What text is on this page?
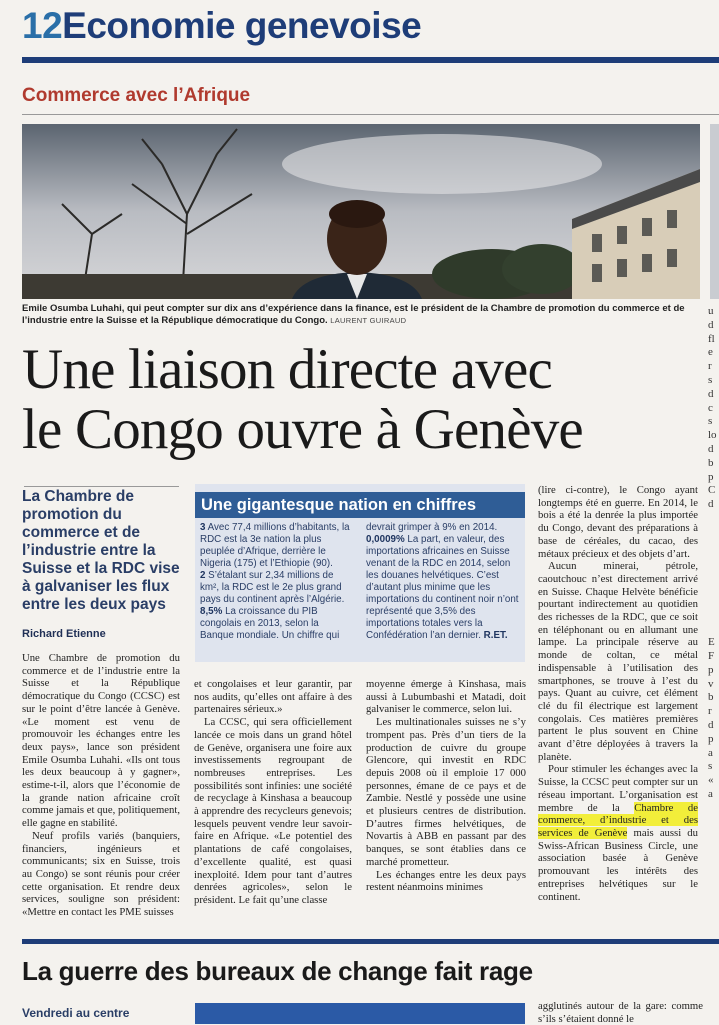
12Economie genevoise
Commerce avec l’Afrique
Emile Osumba Luhahi, qui peut compter sur dix ans d’expérience dans la finance, est le président de la Chambre de promotion du commerce et de l’industrie entre la Suisse et la République démocratique du Congo. LAURENT GUIRAUD
Une liaison directe avec
le Congo ouvre à Genève
La Chambre de promotion du commerce et de l’industrie entre la Suisse et la RDC vise à galvaniser les flux entre les deux pays
Richard Etienne

Une Chambre de promotion du commerce et de l’industrie entre la Suisse et la République démocratique du Congo (CCSC) est sur le point d’être lancée à Genève. «Le moment est venu de promouvoir les échanges entre les deux pays», lance son président Emile Osumba Luhahi. «Ils ont tous les deux beaucoup à y gagner», estime-t-il, alors que l’économie de la grande nation africaine croît comme jamais et que, politiquement, elle gagne en stabilité.

Neuf profils variés (banquiers, financiers, ingénieurs et communicants; six en Suisse, trois au Congo) se sont réunis pour créer cette organisation. Et rendre deux services, souligne son président: «Mettre en contact les PME suisses

Une gigantesque nation en chiffres
3 Avec 77,4 millions d’habitants, la RDC est la 3e nation la plus peuplée d’Afrique, derrière le Nigeria (175) et l’Ethiopie (90).
2 S’étalant sur 2,34 millions de km², la RDC est le 2e plus grand pays du continent après l’Algérie.
8,5% La croissance du PIB congolais en 2013, selon la Banque mondiale. Un chiffre qui
devrait grimper à 9% en 2014.
0,0009% La part, en valeur, des importations africaines en Suisse venant de la RDC en 2014, selon les douanes helvétiques. C’est d’autant plus minime que les importations du continent noir n’ont représenté que 3,5% des importations totales vers la Confédération l’an dernier. R.ET.

et congolaises et leur garantir, par nos audits, qu’elles ont affaire à des partenaires sérieux.»

La CCSC, qui sera officiellement lancée ce mois dans un grand hôtel de Genève, organisera une foire aux investissements regroupant de nombreuses entreprises. Les possibilités sont infinies: une société de recyclage à Kinshasa a beaucoup à apprendre des recycleurs genevois; lesquels peuvent vendre leur savoir-faire en Afrique. «Le potentiel des plantations de café congolaises, d’excellente qualité, est quasi inexploité. Idem pour tant d’autres denrées agricoles», selon le président. Le fait qu’une classe

moyenne émerge à Kinshasa, mais aussi à Lubumbashi et Matadi, doit galvaniser le commerce, selon lui.

Les multinationales suisses ne s’y trompent pas. Près d’un tiers de la production de cuivre du groupe Glencore, qui investit en RDC depuis 2008 où il emploie 17 000 personnes, émane de ce pays et de Zambie. Nestlé y possède une usine et plusieurs centres de distribution. D’autres firmes helvétiques, de Novartis à ABB en passant par des banques, se sont établies dans ce marché prometteur.

Les échanges entre les deux pays restent néanmoins minimes

(lire ci-contre), le Congo ayant longtemps été en guerre. En 2014, le bois a été la denrée la plus importée du Congo, devant des préparations à base de céréales, du cacao, des métaux précieux et des objets d’art.

Aucun minerai, pétrole, caoutchouc n’est directement arrivé en Suisse. Chaque Helvète bénéficie pourtant indirectement au quotidien des richesses de la RDC, que ce soit en téléphonant ou en allumant une lampe. La principale réserve au monde de coltan, ce métal indispensable à l’utilisation des smartphones, se trouve à l’est du pays. Quant au cuivre, cet élément clé du fil électrique est largement congolais. Ces matières premières partent le plus souvent en Chine avant d’être déployées à travers la planète.

Pour stimuler les échanges avec la Suisse, la CCSC peut compter sur un réseau important. L’organisation est membre de la Chambre de commerce, d’industrie et des services de Genève mais aussi du Swiss-African Business Circle, une association basée à Genève promouvant les intérêts des entreprises helvétiques sur le continent.

u
d
fl
e
r
s
d
c
s
lo
d
b
p
C
d

E
F
p
v
b
r
d
p
a
s
«
a
La guerre des bureaux de change fait rage
Vendredi au centre	agglutinés autour de la gare: comme s’ils s’étaient donné le
